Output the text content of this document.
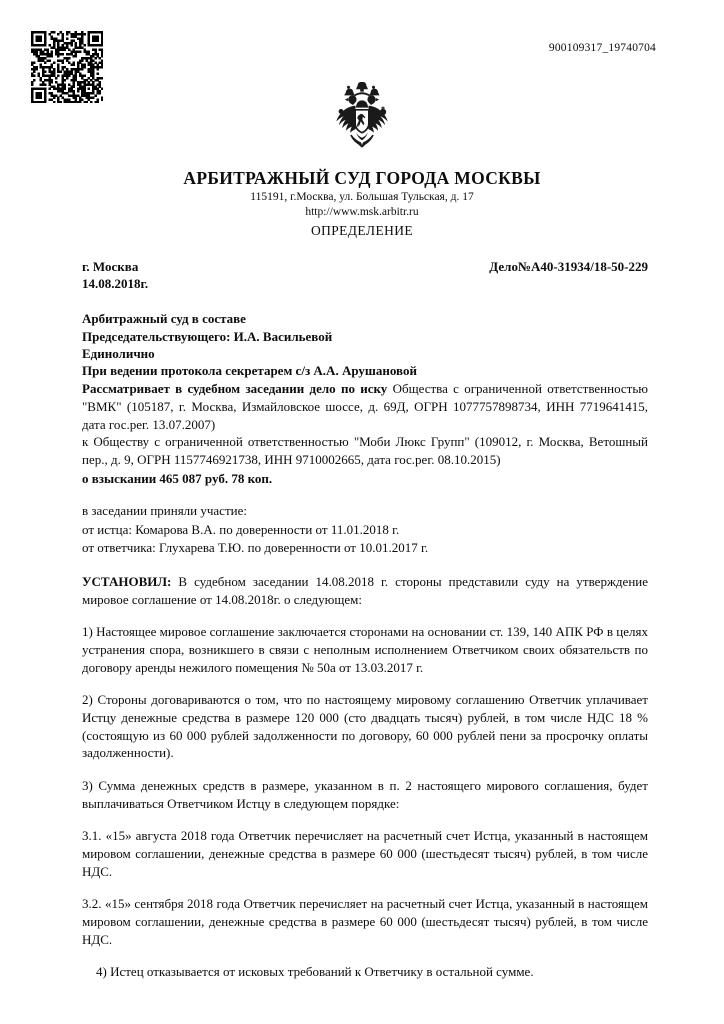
900109317_19740704
АРБИТРАЖНЫЙ СУД ГОРОДА МОСКВЫ
115191, г.Москва, ул. Большая Тульская, д. 17
http://www.msk.arbitr.ru
ОПРЕДЕЛЕНИЕ
г. Москва
14.08.2018г.
Дело№А40-31934/18-50-229
Арбитражный суд в составе
Председательствующего: И.А. Васильевой
Единолично
При ведении протокола секретарем с/з А.А. Арушановой

Рассматривает в судебном заседании дело по иску Общества с ограниченной ответственностью "ВМК" (105187, г. Москва, Измайловское шоссе, д. 69Д, ОГРН 1077757898734, ИНН 7719641415, дата гос.рег. 13.07.2007)

к Обществу с ограниченной ответственностью "Моби Люкс Групп" (109012, г. Москва, Ветошный пер., д. 9, ОГРН 1157746921738, ИНН 9710002665, дата гос.рег. 08.10.2015)

о взыскании 465 087 руб. 78 коп.
в заседании приняли участие:
от истца: Комарова В.А. по доверенности от 11.01.2018 г.
от ответчика: Глухарева Т.Ю. по доверенности от 10.01.2017 г.

УСТАНОВИЛ: В судебном заседании 14.08.2018 г. стороны представили суду на утверждение мировое соглашение от 14.08.2018г. о следующем:

1) Настоящее мировое соглашение заключается сторонами на основании ст. 139, 140 АПК РФ в целях устранения спора, возникшего в связи с неполным исполнением Ответчиком своих обязательств по договору аренды нежилого помещения № 50а от 13.03.2017 г.

2) Стороны договариваются о том, что по настоящему мировому соглашению Ответчик уплачивает Истцу денежные средства в размере 120 000 (сто двадцать тысяч) рублей, в том числе НДС 18 % (состоящую из 60 000 рублей задолженности по договору, 60 000 рублей пени за просрочку оплаты задолженности).

3) Сумма денежных средств в размере, указанном в п. 2 настоящего мирового соглашения, будет выплачиваться Ответчиком Истцу в следующем порядке:

3.1. «15» августа 2018 года Ответчик перечисляет на расчетный счет Истца, указанный в настоящем мировом соглашении, денежные средства в размере 60 000 (шестьдесят тысяч) рублей, в том числе НДС.

3.2. «15» сентября 2018 года Ответчик перечисляет на расчетный счет Истца, указанный в настоящем мировом соглашении, денежные средства в размере 60 000 (шестьдесят тысяч) рублей, в том числе НДС.

4) Истец отказывается от исковых требований к Ответчику в остальной сумме.
